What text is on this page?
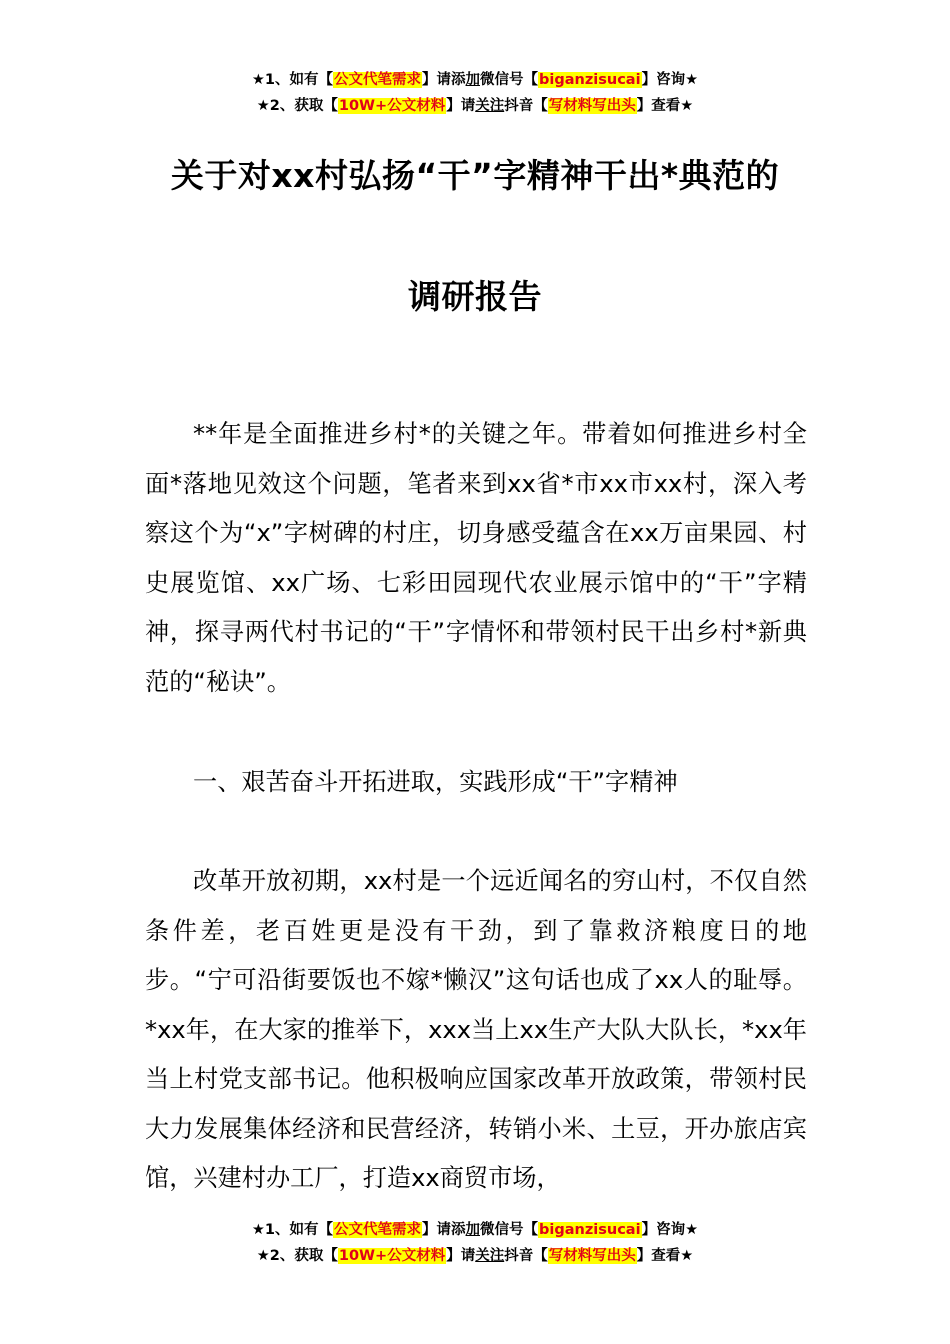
★1、如有【公文代笔需求】请添加微信号【biganzisucai】咨询★
★2、获取【10W+公文材料】请关注抖音【写材料写出头】查看★
关于对xx村弘扬“干”字精神干出*典范的
调研报告

**年是全面推进乡村*的关键之年。带着如何推进乡村全面*落地见效这个问题，笔者来到xx省*市xx市xx村，深入考察这个为“x”字树碑的村庄，切身感受蕴含在xx万亩果园、村史展览馆、xx广场、七彩田园现代农业展示馆中的“干”字精神，探寻两代村书记的“干”字情怀和带领村民干出乡村*新典范的“秘诀”。

一、艰苦奋斗开拓进取，实践形成“干”字精神

改革开放初期，xx村是一个远近闻名的穷山村，不仅自然条件差，老百姓更是没有干劲，到了靠救济粮度日的地步。“宁可沿街要饭也不嫁*懒汉”这句话也成了xx人的耻辱。*xx年，在大家的推举下，xxx当上xx生产大队大队长，*xx年当上村党支部书记。他积极响应国家改革开放政策，带领村民大力发展集体经济和民营经济，转销小米、土豆，开办旅店宾馆，兴建村办工厂，打造xx商贸市场，

★1、如有【公文代笔需求】请添加微信号【biganzisucai】咨询★
★2、获取【10W+公文材料】请关注抖音【写材料写出头】查看★
